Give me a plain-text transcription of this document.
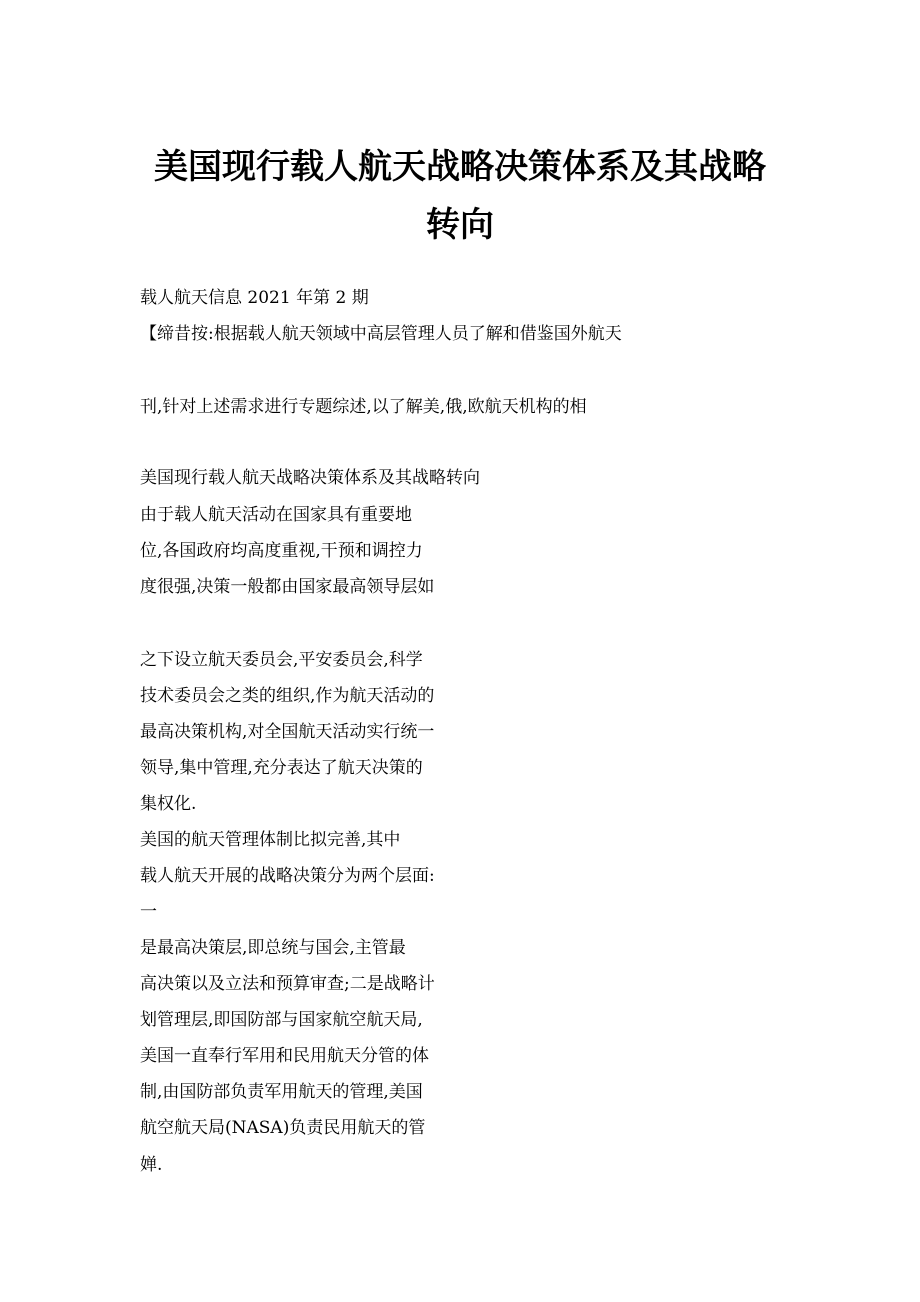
美国现行载人航天战略决策体系及其战略
转向

载人航天信息 2021 年第 2 期

【缔昔按:根据载人航天领域中高层管理人员了解和借鉴国外航天

刊,针对上述需求进行专题综述,以了解美,俄,欧航天机构的相

美国现行载人航天战略决策体系及其战略转向

由于载人航天活动在国家具有重要地

位,各国政府均高度重视,干预和调控力

度很强,决策一般都由国家最高领导层如

之下设立航天委员会,平安委员会,科学

技术委员会之类的组织,作为航天活动的

最高决策机构,对全国航天活动实行统一

领导,集中管理,充分表达了航天决策的

集权化.

美国的航天管理体制比拟完善,其中

载人航天开展的战略决策分为两个层面:

一

是最高决策层,即总统与国会,主管最

高决策以及立法和预算审查;二是战略计

划管理层,即国防部与国家航空航天局,

美国一直奉行军用和民用航天分管的体

制,由国防部负责军用航天的管理,美国

航空航天局(NASA)负责民用航天的管

婵.
